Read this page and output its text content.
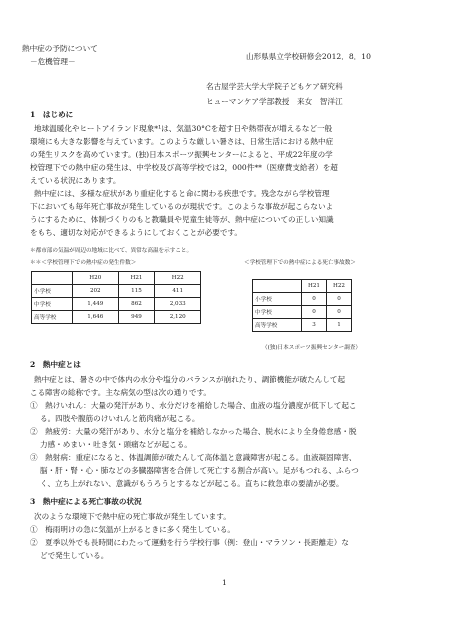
熱中症の予防について
－危機管理－
山形県県立学校研修会2012．8．10
名古屋学芸大学大学院子どもケア研究科
ヒューマンケア学部教授　来女　智洋江
1　はじめに
地球温暖化やヒートアイランド現象*¹は、気温30°Cを超す日や熱帯夜が増えるなど一般
環境にも大きな影響を与えています。このような厳しい暑さは、日常生活における熱中症
の発生リスクを高めています。(独)日本スポーツ振興センターによると、平成22年度の学
校管理下での熱中症の発生は、中学校及び高等学校では2，000件**（医療費支給者）を超
えている状況にあります。
熱中症には、多様な症状があり重症化すると命に関わる疾患です。残念ながら学校管理
下においても毎年死亡事故が発生しているのが現状です。このような事故が起こらないよ
うにするために、体制づくりのもと教職員や児童生徒等が、熱中症についての正しい知識
をもち、適切な対応ができるようにしておくことが必要です。
＊都市部の気温が周辺の地域に比べて、異常な高温を示すこと。
＊＊＜学校管理下での熱中症の発生件数＞	＜学校管理下での熱中症による死亡事故数＞
	H20	H21	H22
小学校	202	115	411
中学校	1,449	862	2,033
高等学校	1,646	949	2,120
	H21	H22
小学校	0	0
中学校	0	0
高等学校	3	1
（(独)日本スポーツ振興センター調査）
2　熱中症とは
熱中症とは、暑さの中で体内の水分や塩分のバランスが崩れたり、調節機能が破たんして起
こる障害の総称です。主な病気の型は次の通りです。
①　熱けいれん：大量の発汗があり、水分だけを補給した場合、血液の塩分濃度が低下して起こ
る。四肢や腹筋のけいれんと筋肉痛が起こる。
②　熱疲労：大量の発汗があり、水分と塩分を補給しなかった場合、脱水により全身倦怠感・脱
力感・めまい・吐き気・頭痛などが起こる。
③　熱射病：重症になると、体温調節が破たんして高体温と意識障害が起こる。血液凝固障害、
脳・肝・腎・心・肺などの多臓器障害を合併して死亡する割合が高い。足がもつれる、ふらつ
く、立ち上がれない、意識がもうろうとするなどが起こる。直ちに救急車の要請が必要。
3　熱中症による死亡事故の状況
次のような環境下で熱中症の死亡事故が発生しています。
①　梅雨明けの急に気温が上がるときに多く発生している。
②　夏季以外でも長時間にわたって運動を行う学校行事（例：登山・マラソン・長距離走）な
どで発生している。
1
